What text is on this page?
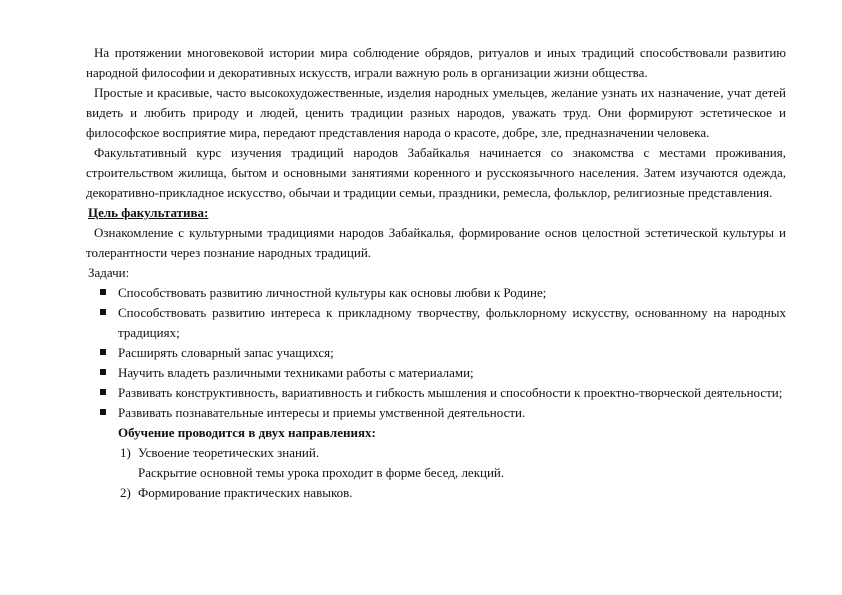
На протяжении многовековой истории мира соблюдение обрядов, ритуалов и иных традиций способствовали развитию народной философии и декоративных искусств, играли важную роль в организации жизни общества.

Простые и красивые, часто высокохудожественные, изделия народных умельцев, желание узнать их назначение, учат детей видеть и любить природу и людей, ценить традиции разных народов, уважать труд. Они формируют эстетическое и философское восприятие мира, передают представления народа о красоте, добре, зле, предназначении человека.

Факультативный курс изучения традиций народов Забайкалья начинается со знакомства с местами проживания, строительством жилища, бытом и основными занятиями коренного и русскоязычного населения. Затем изучаются одежда, декоративно-прикладное искусство, обычаи и традиции семьи, праздники, ремесла, фольклор, религиозные представления.

Цель факультатива:

Ознакомление с культурными традициями народов Забайкалья, формирование основ целостной эстетической культуры и толерантности через познание народных традиций.

Задачи:

Способствовать развитию личностной культуры как основы любви к Родине;
Способствовать развитию интереса к прикладному творчеству, фольклорному искусству, основанному на народных традициях;
Расширять словарный запас учащихся;
Научить владеть различными техниками работы с материалами;
Развивать конструктивность, вариативность и гибкость мышления и способности к проектно-творческой деятельности;
Развивать познавательные интересы и приемы умственной деятельности.

Обучение проводится в двух направлениях:

1) Усвоение теоретических знаний.

Раскрытие основной темы урока проходит в форме бесед, лекций.

2) Формирование практических навыков.
